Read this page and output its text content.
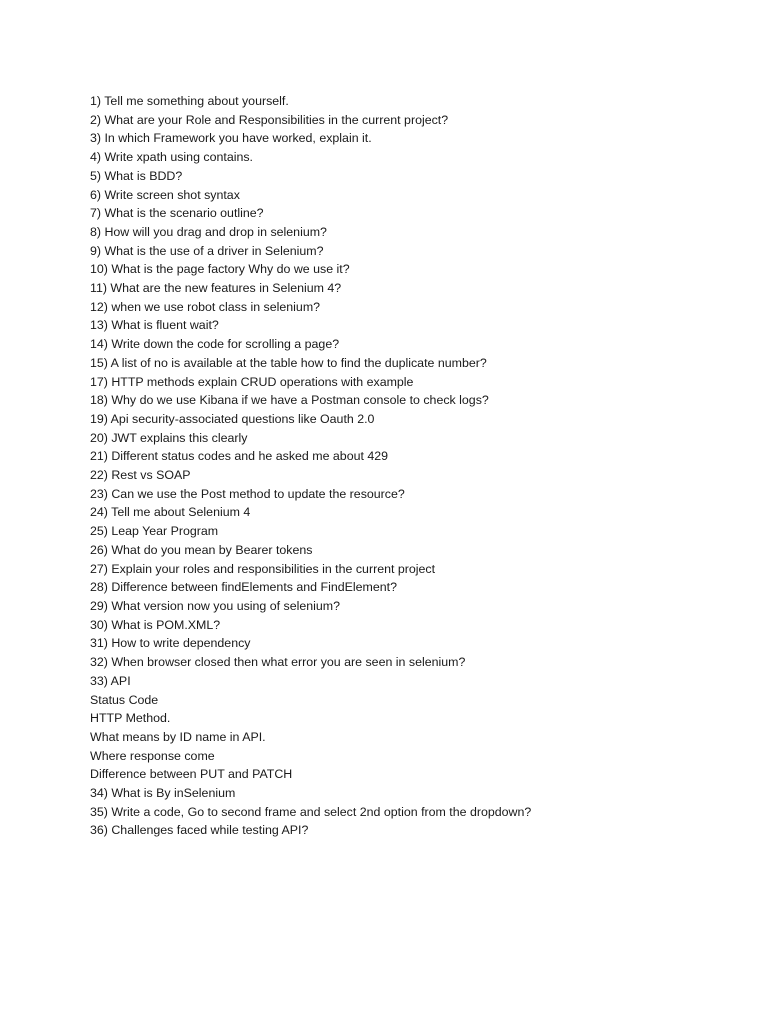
1) Tell me something about yourself.
2) What are your Role and Responsibilities in the current project?
3) In which Framework you have worked, explain it.
4) Write xpath using contains.
5) What is BDD?
6) Write screen shot syntax
7) What is the scenario outline?
8) How will you drag and drop in selenium?
9) What is the use of a driver in Selenium?
10) What is the page factory Why do we use it?
11) What are the new features in Selenium 4?
12) when we use robot class in selenium?
13) What is fluent wait?
14) Write down the code for scrolling a page?
15) A list of no is available at the table how to find the duplicate number?
17) HTTP methods explain CRUD operations with example
18) Why do we use Kibana if we have a Postman console to check logs?
19) Api security-associated questions like Oauth 2.0
20) JWT explains this clearly
21) Different status codes and he asked me about 429
22) Rest vs SOAP
23) Can we use the Post method to update the resource?
24) Tell me about Selenium 4
25) Leap Year Program
26) What do you mean by Bearer tokens
27) Explain your roles and responsibilities in the current project
28) Difference between findElements and FindElement?
29) What version now you using of selenium?
30) What is POM.XML?
31) How to write dependency
32) When browser closed then what error you are seen in selenium?
33) API
Status Code
HTTP Method.
What means by ID name in API.
Where response come
Difference between PUT and PATCH
34) What is By inSelenium
35) Write a code, Go to second frame and select 2nd option from the dropdown?
36) Challenges faced while testing API?
